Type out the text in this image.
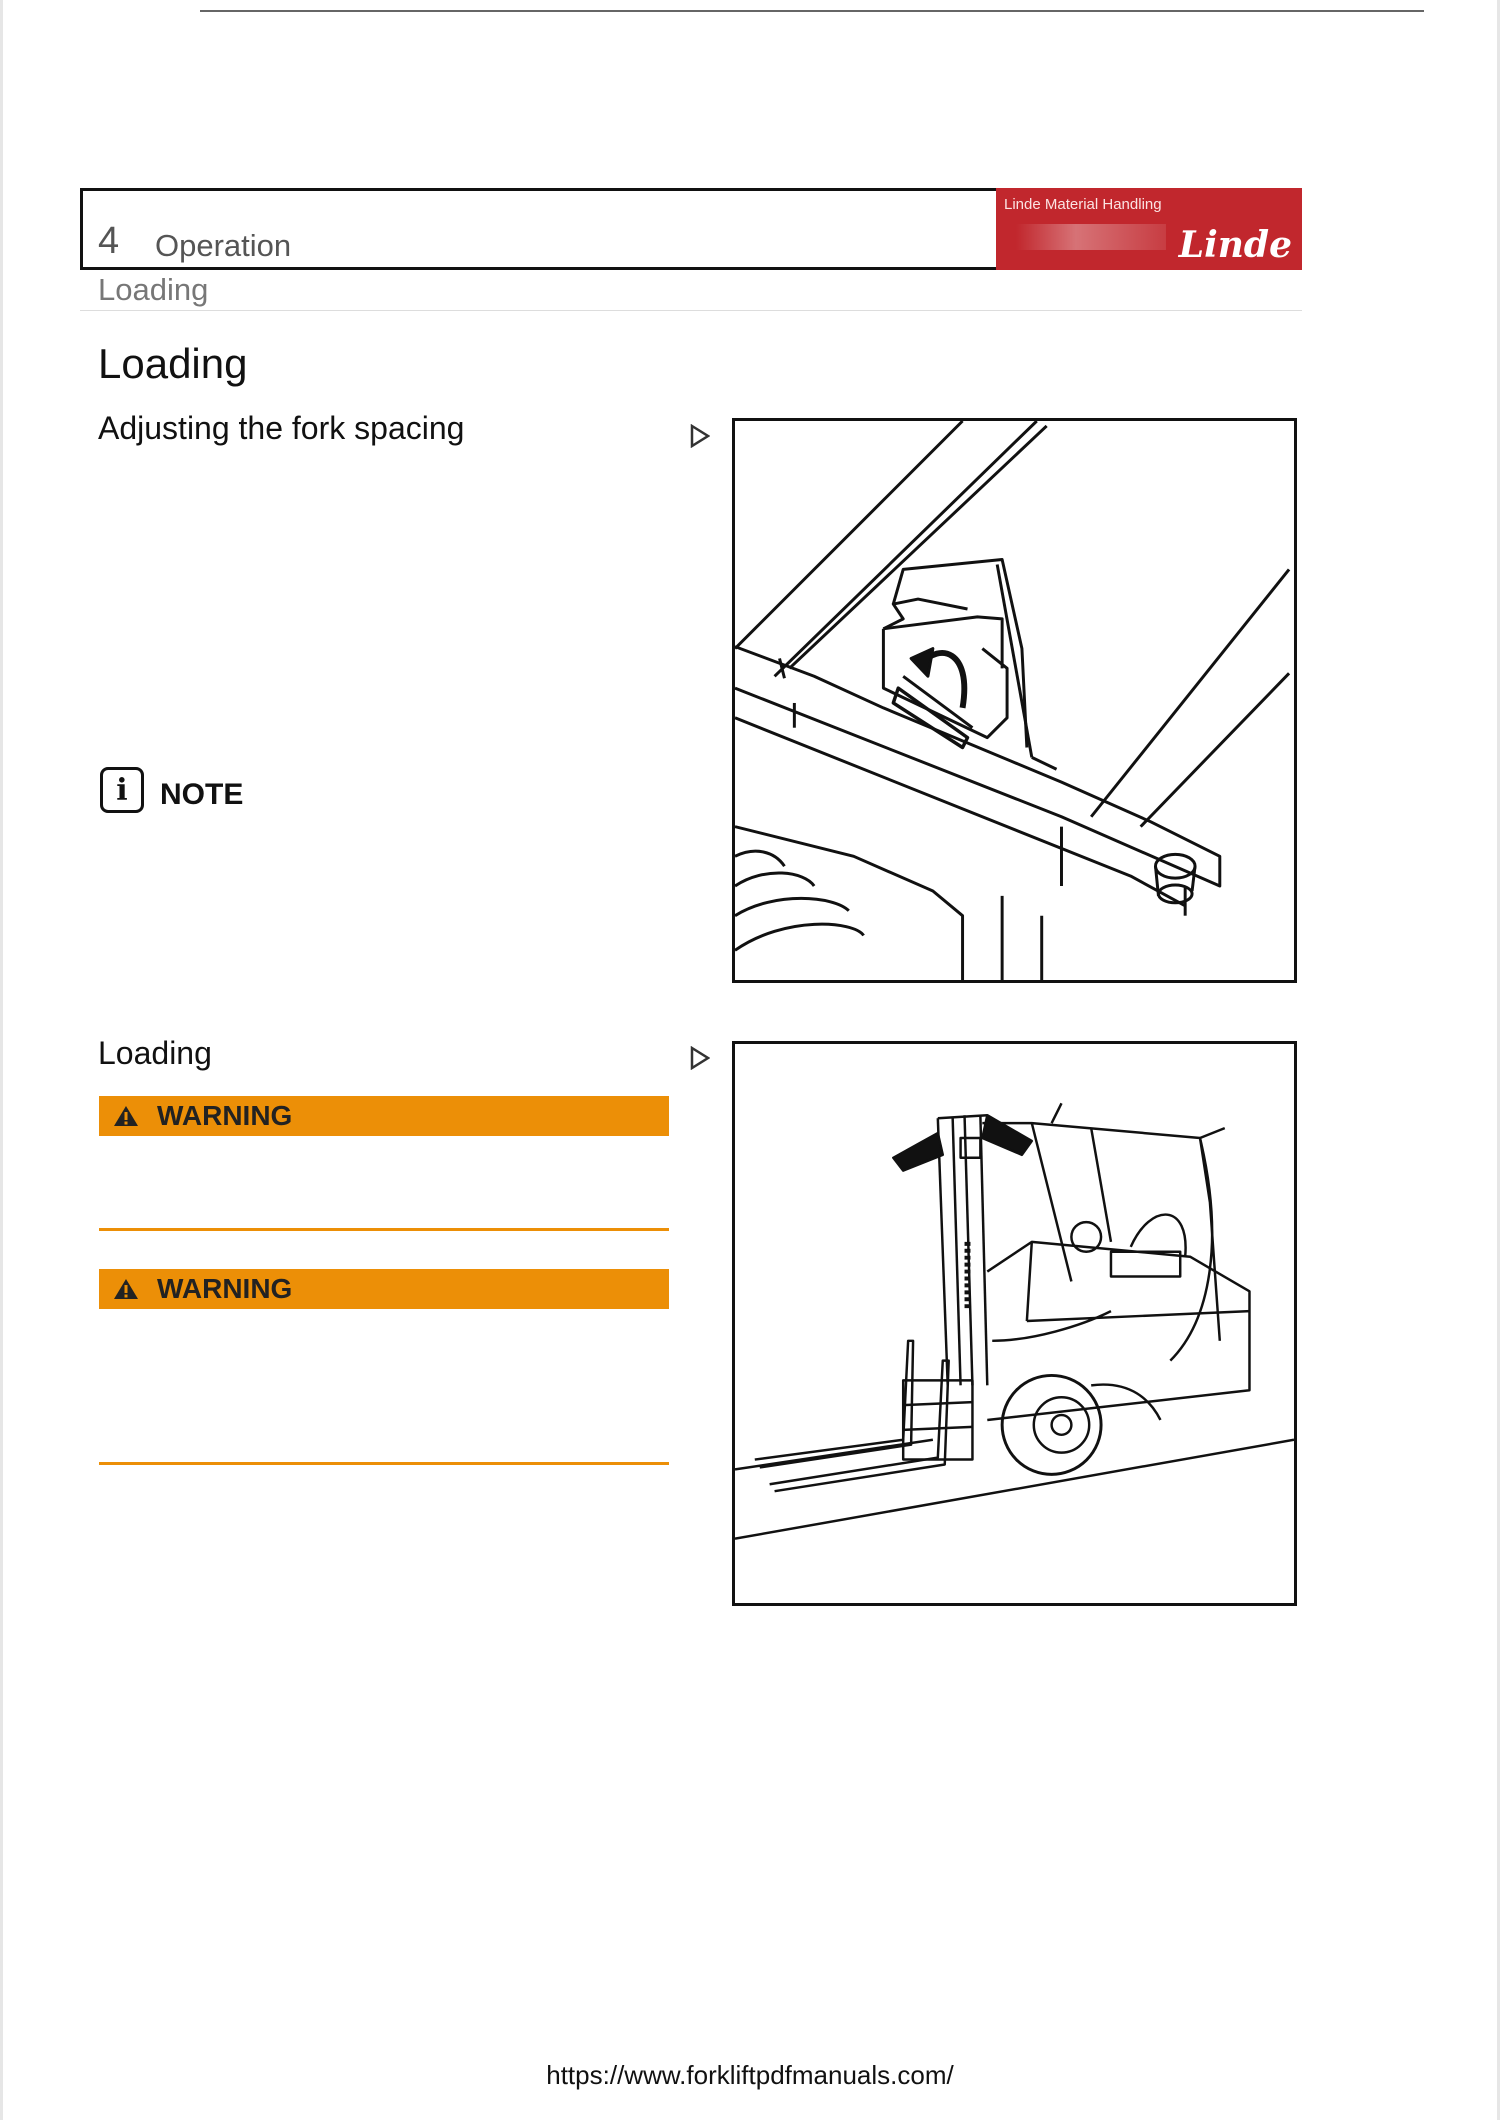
4 Operation
Linde Material Handling
Linde
Loading
Loading
Adjusting the fork spacing
i	NOTE
Loading
WARNING
WARNING
https://www.forkliftpdfmanuals.com/
